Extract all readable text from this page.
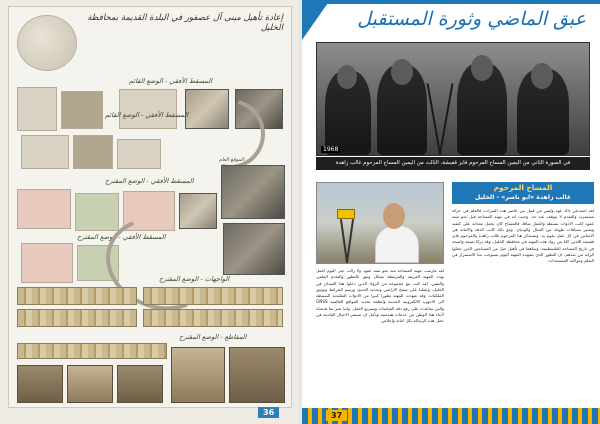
إعادة تأهيل مبنى آل عصفور في البلدة القديمة بمحافظة الخليل
المسقط الأفقي - الوضع القائم
المسقط الأفقي - الوضع القائم
الموقع العام
المسقط الأفقي - الوضع المقترح
المسقط الأفقي - الوضع المقترح
الواجهات - الوضع المقترح
المقاطع - الوضع المقترح
36
عبق الماضي وثورة المستقبل
1968
في الصورة الثاني من اليمين المساح المرحوم فايز قفيشة، الثالث من اليمين المساح المرحوم غالب زاهدة
المساح المرحوم
غالب زاهدة «ابو ناصر» - الخليل
لقد استدعي ذاك عهد وليس من قبيل من عاصر هذه الفترات، فالعلم في حركة مستمرة، والتقدم لا يتوقف عند حد. وحيث انه في مهنة المساحة قبل نحو ستة عقود كانت الادوات بسيطة والعمل شاقا، فالمساح كان يحمل معداته على كتفيه ويسير مسافات طويلة بين الجبال والوديان. ومع ذلك كانت الدقة والامانة هي الاساس في كل عمل يقوم به. ونستذكر هنا المرحوم غالب زاهدة والمرحوم فايز قفيشة اللذين كانا من رواد هذه المهنة في محافظة الخليل، وقد تركا بصمة واضحة في تاريخ المساحة الفلسطينية، وساهما في تأهيل جيل من المساحين الذين حملوا الراية من بعدهم. ان التطور الذي تشهده المهنة اليوم يستوجب منا الاستمرار في التعلم ومواكبة المستجدات.
لقد مارست مهنة المساحة منذ نحو ستة عقود ولا زالت حتى اليوم اعمل بهذه المهنة العريقة والمرتبطة بشكل وثيق بالتطور والتقدم العلمي والتقني. لقد كنت مع مجموعة من الرواد الذين دخلوا هذا الميدان في الخليل، وعملنا على مسح الاراضي وتحديد الحدود ورسم الخرائط وتوثيق الملكيات. وقد شهدت المهنة تطورا كبيرا من الادوات التقليدية البسيطة الى الاجهزة الالكترونية الحديثة وانظمة تحديد المواقع العالمية GNSS والتي ساعدت على رفع دقة القياسات وتسريع العمل. واننا نعتز بما قدمناه لأبناء هذا الوطن من خدمات هندسية ونأمل ان تستمر الاجيال القادمة في حمل هذه الرسالة بكل امانة واخلاص.
37
